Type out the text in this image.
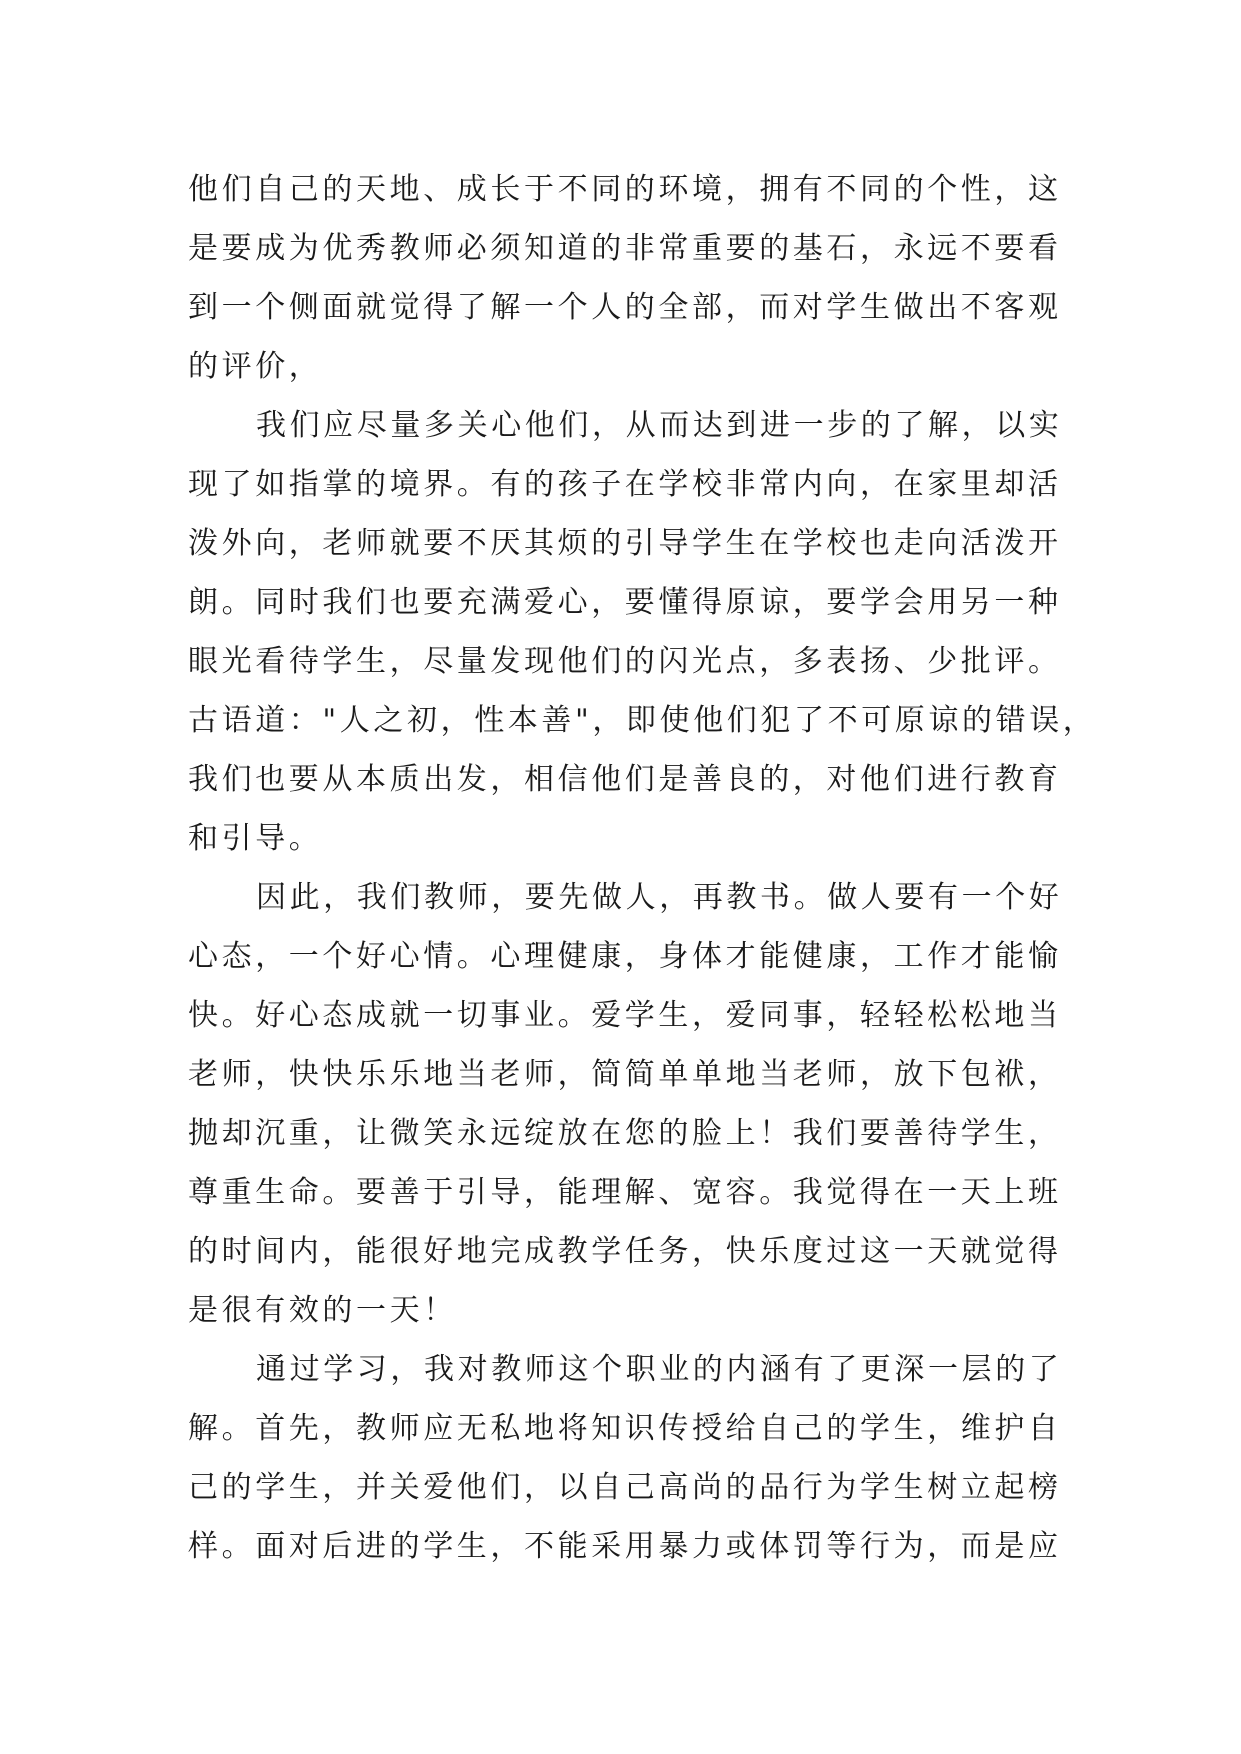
他们自己的天地、成长于不同的环境，拥有不同的个性，这
是要成为优秀教师必须知道的非常重要的基石，永远不要看
到一个侧面就觉得了解一个人的全部，而对学生做出不客观
的评价，
我们应尽量多关心他们，从而达到进一步的了解，以实
现了如指掌的境界。有的孩子在学校非常内向，在家里却活
泼外向，老师就要不厌其烦的引导学生在学校也走向活泼开
朗。同时我们也要充满爱心，要懂得原谅，要学会用另一种
眼光看待学生，尽量发现他们的闪光点，多表扬、少批评。
古语道："人之初，性本善"，即使他们犯了不可原谅的错误，
我们也要从本质出发，相信他们是善良的，对他们进行教育
和引导。
因此，我们教师，要先做人，再教书。做人要有一个好
心态，一个好心情。心理健康，身体才能健康，工作才能愉
快。好心态成就一切事业。爱学生，爱同事，轻轻松松地当
老师，快快乐乐地当老师，简简单单地当老师，放下包袱，
抛却沉重，让微笑永远绽放在您的脸上！我们要善待学生，
尊重生命。要善于引导，能理解、宽容。我觉得在一天上班
的时间内，能很好地完成教学任务，快乐度过这一天就觉得
是很有效的一天！
通过学习，我对教师这个职业的内涵有了更深一层的了
解。首先，教师应无私地将知识传授给自己的学生，维护自
己的学生，并关爱他们，以自己高尚的品行为学生树立起榜
样。面对后进的学生，不能采用暴力或体罚等行为，而是应
